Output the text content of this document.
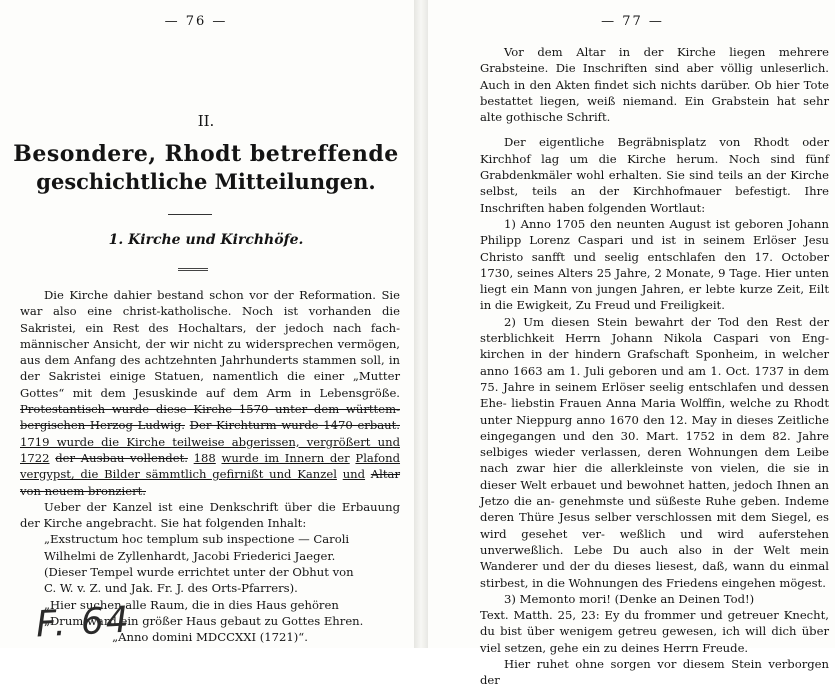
— 76 —
II.
Besondere, Rhodt betreffende
geschichtliche Mitteilungen.
1. Kirche und Kirchhöfe.

Die Kirche dahier bestand schon vor der Reformation. Sie war also eine christ-katholische. Noch ist vorhanden die Sakristei, ein Rest des Hochaltars, der jedoch nach fach- männischer Ansicht, der wir nicht zu widersprechen vermögen, aus dem Anfang des achtzehnten Jahrhunderts stammen soll, in der Sakristei einige Statuen, namentlich die einer „Mutter Gottes“ mit dem Jesuskinde auf dem Arm in Lebensgröße. Protestantisch wurde diese Kirche 1570 unter dem württem- bergischen Herzog Ludwig. Der Kirchturm wurde 1470 erbaut. 1719 wurde die Kirche teilweise abgerissen, vergrößert und 1722 der Ausbau vollendet. 188 wurde im Innern der Plafond vergypst, die Bilder sämmtlich gefirnißt und Kanzel und Altar von neuem bronziert.

Ueber der Kanzel ist eine Denkschrift über die Erbauung der Kirche angebracht. Sie hat folgenden Inhalt:

„Exstructum hoc templum sub inspectione — Caroli
Wilhelmi de Zyllenhardt, Jacobi Friederici Jaeger.

(Dieser Tempel wurde errichtet unter der Obhut von
C. W. v. Z. und Jak. Fr. J. des Orts-Pfarrers).

„Hier suchen alle Raum, die in dies Haus gehören
„Drum ward ein größer Haus gebaut zu Gottes Ehren.

„Anno domini MDCCXXI (1721)“.

F. 64
— 77 —

Vor dem Altar in der Kirche liegen mehrere Grabsteine. Die Inschriften sind aber völlig unleserlich. Auch in den Akten findet sich nichts darüber. Ob hier Tote bestattet liegen, weiß niemand. Ein Grabstein hat sehr alte gothische Schrift.

Der eigentliche Begräbnisplatz von Rhodt oder Kirchhof lag um die Kirche herum. Noch sind fünf Grabdenkmäler wohl erhalten. Sie sind teils an der Kirche selbst, teils an der Kirchhofmauer befestigt. Ihre Inschriften haben folgenden Wortlaut:

1) Anno 1705 den neunten August ist geboren Johann Philipp Lorenz Caspari und ist in seinem Erlöser Jesu Christo sanfft und seelig entschlafen den 17. October 1730, seines Alters 25 Jahre, 2 Monate, 9 Tage. Hier unten liegt ein Mann von jungen Jahren, er lebte kurze Zeit, Eilt in die Ewigkeit, Zu Freud und Freiligkeit.

2) Um diesen Stein bewahrt der Tod den Rest der sterblichkeit Herrn Johann Nikola Caspari von Eng- kirchen in der hindern Grafschaft Sponheim, in welcher anno 1663 am 1. Juli geboren und am 1. Oct. 1737 in dem 75. Jahre in seinem Erlöser seelig entschlafen und dessen Ehe- liebstin Frauen Anna Maria Wolffin, welche zu Rhodt unter Nieppurg anno 1670 den 12. May in dieses Zeitliche eingegangen und den 30. Mart. 1752 in dem 82. Jahre selbiges wieder verlassen, deren Wohnungen dem Leibe nach zwar hier die allerkleinste von vielen, die sie in dieser Welt erbauet und bewohnet hatten, jedoch Ihnen an Jetzo die an- genehmste und süßeste Ruhe geben. Indeme deren Thüre Jesus selber verschlossen mit dem Siegel, es wird gesehet ver- weßlich und wird auferstehen unverweßlich. Lebe Du auch also in der Welt mein Wanderer und der du dieses liesest, daß, wann du einmal stirbest, in die Wohnungen des Friedens eingehen mögest.

3) Memonto mori! (Denke an Deinen Tod!)

Text. Matth. 25, 23: Ey du frommer und getreuer Knecht, du bist über wenigem getreu gewesen, ich will dich über viel setzen, gehe ein zu deines Herrn Freude.

Hier ruhet ohne sorgen vor diesem Stein verborgen der
